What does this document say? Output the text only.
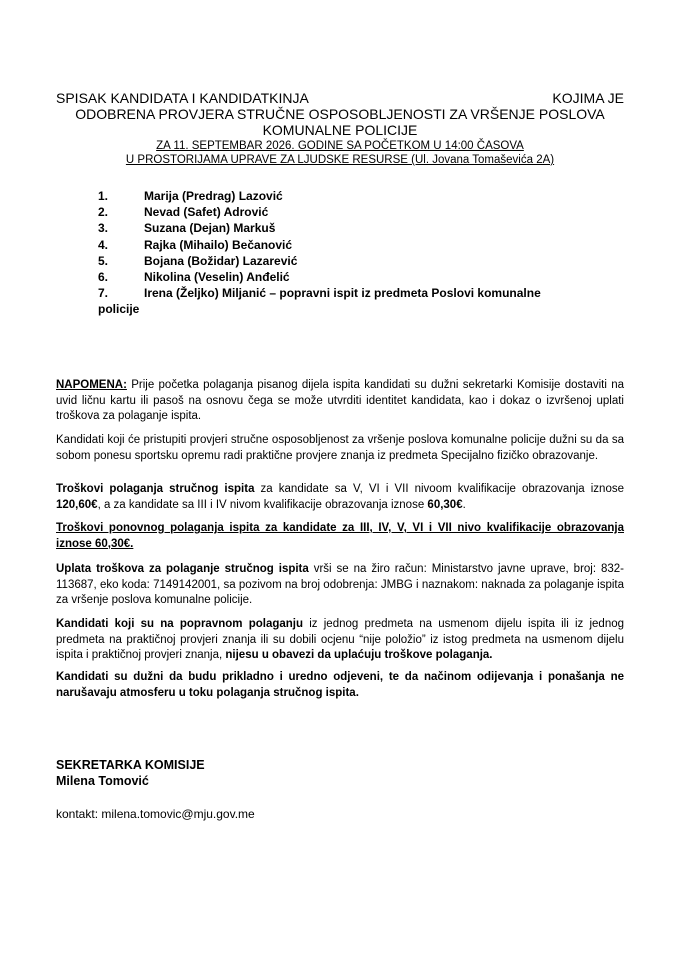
SPISAK KANDIDATA I KANDIDATKINJA	KOJIMA JE
ODOBRENA PROVJERA STRUČNE OSPOSOBLJENOSTI ZA VRŠENJE POSLOVA
KOMUNALNE POLICIJE
ZA 11. SEPTEMBAR 2026. GODINE SA POČETKOM U 14:00 ČASOVA
U PROSTORIJAMA UPRAVE ZA LJUDSKE RESURSE (Ul. Jovana Tomaševića 2A)
1.	Marija (Predrag) Lazović
2.	Nevad (Safet) Adrović
3.	Suzana (Dejan) Markuš
4.	Rajka (Mihailo) Bečanović
5.	Bojana (Božidar) Lazarević
6.	Nikolina (Veselin) Anđelić
7.	Irena (Željko) Miljanić – popravni ispit iz predmeta Poslovi komunalne
policije

NAPOMENA: Prije početka polaganja pisanog dijela ispita kandidati su dužni sekretarki Komisije dostaviti na uvid ličnu kartu ili pasoš na osnovu čega se može utvrditi identitet kandidata, kao i dokaz o izvršenoj uplati troškova za polaganje ispita.

Kandidati koji će pristupiti provjeri stručne osposobljenost za vršenje poslova komunalne policije dužni su da sa sobom ponesu sportsku opremu radi praktične provjere znanja iz predmeta Specijalno fizičko obrazovanje.

Troškovi polaganja stručnog ispita za kandidate sa V, VI i VII nivoom kvalifikacije obrazovanja iznose 120,60€, a za kandidate sa III i IV nivom kvalifikacije obrazovanja iznose 60,30€.

Troškovi ponovnog polaganja ispita za kandidate za III, IV, V, VI i VII nivo kvalifikacije obrazovanja iznose 60,30€.

Uplata troškova za polaganje stručnog ispita vrši se na žiro račun: Ministarstvo javne uprave, broj: 832-113687, eko koda: 7149142001, sa pozivom na broj odobrenja: JMBG i naznakom: naknada za polaganje ispita za vršenje poslova komunalne policije.

Kandidati koji su na popravnom polaganju iz jednog predmeta na usmenom dijelu ispita ili iz jednog predmeta na praktičnoj provjeri znanja ili su dobili ocjenu “nije položio” iz istog predmeta na usmenom dijelu ispita i praktičnoj provjeri znanja, nijesu u obavezi da uplaćuju troškove polaganja.

Kandidati su dužni da budu prikladno i uredno odjeveni, te da načinom odijevanja i ponašanja ne narušavaju atmosferu u toku polaganja stručnog ispita.

SEKRETARKA KOMISIJE
Milena Tomović
kontakt: milena.tomovic@mju.gov.me
